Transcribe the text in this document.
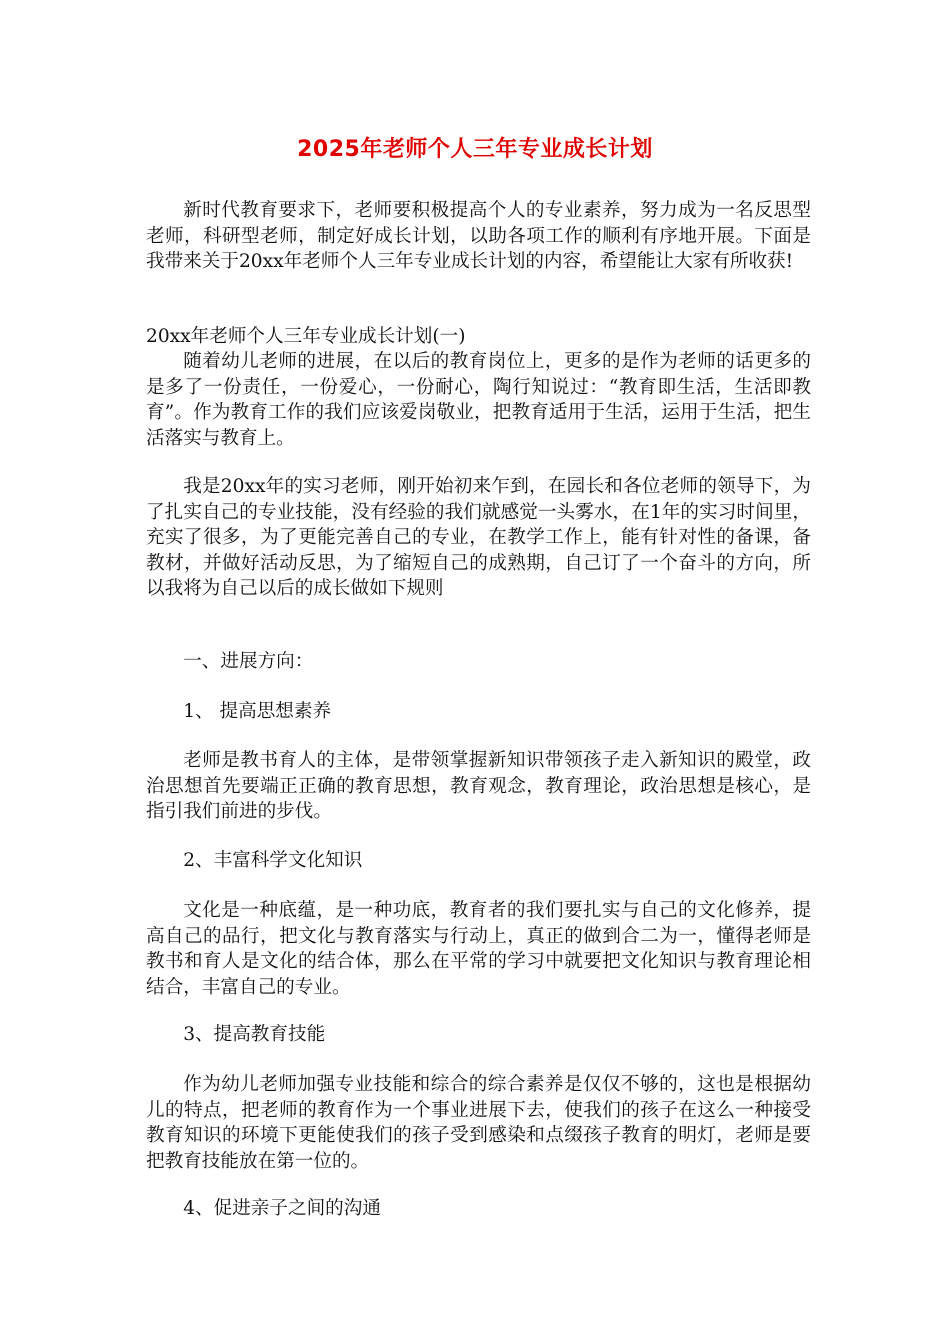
2025年老师个人三年专业成长计划

新时代教育要求下，老师要积极提高个人的专业素养，努力成为一名反思型老师，科研型老师，制定好成长计划，以助各项工作的顺利有序地开展。下面是我带来关于20xx年老师个人三年专业成长计划的内容，希望能让大家有所收获!

20xx年老师个人三年专业成长计划(一)

随着幼儿老师的进展，在以后的教育岗位上，更多的是作为老师的话更多的是多了一份责任，一份爱心，一份耐心，陶行知说过：“教育即生活，生活即教育”。作为教育工作的我们应该爱岗敬业，把教育适用于生活，运用于生活，把生活落实与教育上。

我是20xx年的实习老师，刚开始初来乍到，在园长和各位老师的领导下，为了扎实自己的专业技能，没有经验的我们就感觉一头雾水，在1年的实习时间里，充实了很多，为了更能完善自己的专业，在教学工作上，能有针对性的备课，备教材，并做好活动反思，为了缩短自己的成熟期，自己订了一个奋斗的方向，所以我将为自己以后的成长做如下规则

一、进展方向：

1、 提高思想素养

老师是教书育人的主体，是带领掌握新知识带领孩子走入新知识的殿堂，政治思想首先要端正正确的教育思想，教育观念，教育理论，政治思想是核心，是指引我们前进的步伐。

2、丰富科学文化知识

文化是一种底蕴，是一种功底，教育者的我们要扎实与自己的文化修养，提高自己的品行，把文化与教育落实与行动上，真正的做到合二为一，懂得老师是教书和育人是文化的结合体，那么在平常的学习中就要把文化知识与教育理论相结合，丰富自己的专业。

3、提高教育技能

作为幼儿老师加强专业技能和综合的综合素养是仅仅不够的，这也是根据幼儿的特点，把老师的教育作为一个事业进展下去，使我们的孩子在这么一种接受教育知识的环境下更能使我们的孩子受到感染和点缀孩子教育的明灯，老师是要把教育技能放在第一位的。

4、促进亲子之间的沟通
